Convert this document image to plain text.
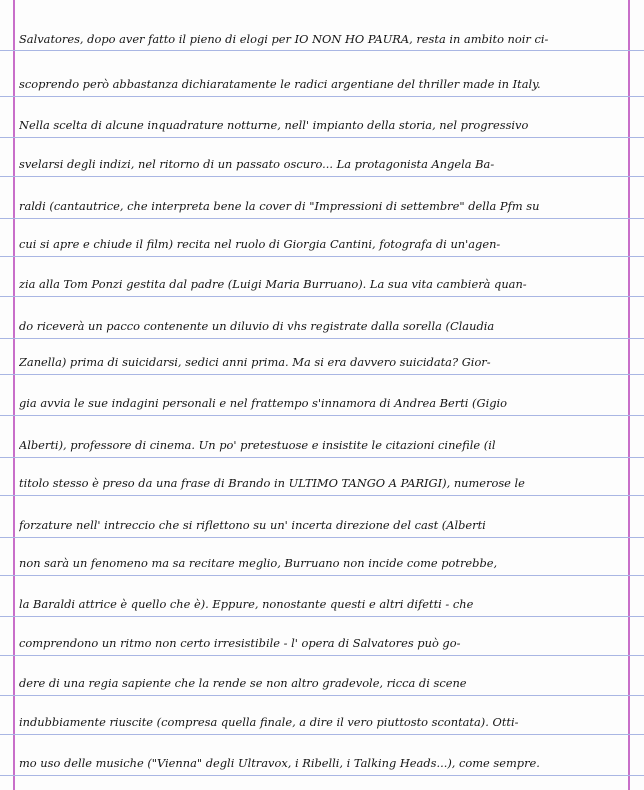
Salvatores, dopo aver fatto il pieno di elogi per IO NON HO PAURA, resta in ambito noir ci-
scoprendo però abbastanza dichiaratamente le radici argentiane del thriller made in Italy.
Nella scelta di alcune inquadrature notturne, nell' impianto della storia, nel progressivo
svelarsi degli indizi, nel ritorno di un passato oscuro... La protagonista Angela Ba-
raldi (cantautrice, che interpreta bene la cover di "Impressioni di settembre" della Pfm su
cui si apre e chiude il film) recita nel ruolo di Giorgia Cantini, fotografa di un'agen-
zia alla Tom Ponzi gestita dal padre (Luigi Maria Burruano). La sua vita cambierà quan-
do riceverà un pacco contenente un diluvio di vhs registrate dalla sorella (Claudia
Zanella) prima di suicidarsi, sedici anni prima. Ma si era davvero suicidata? Gior-
gia avvia le sue indagini personali e nel frattempo s'innamora di Andrea Berti (Gigio
Alberti), professore di cinema. Un po' pretestuose e insistite le citazioni cinefile (il
titolo stesso è preso da una frase di Brando in ULTIMO TANGO A PARIGI), numerose le
forzature nell' intreccio che si riflettono su un' incerta direzione del cast (Alberti
non sarà un fenomeno ma sa recitare meglio, Burruano non incide come potrebbe,
la Baraldi attrice è quello che è). Eppure, nonostante questi e altri difetti - che
comprendono un ritmo non certo irresistibile - l' opera di Salvatores può go-
dere di una regia sapiente che la rende se non altro gradevole, ricca di scene
indubbiamente riuscite (compresa quella finale, a dire il vero piuttosto scontata). Otti-
mo uso delle musiche ("Vienna" degli Ultravox, i Ribelli, i Talking Heads...), come sempre.
